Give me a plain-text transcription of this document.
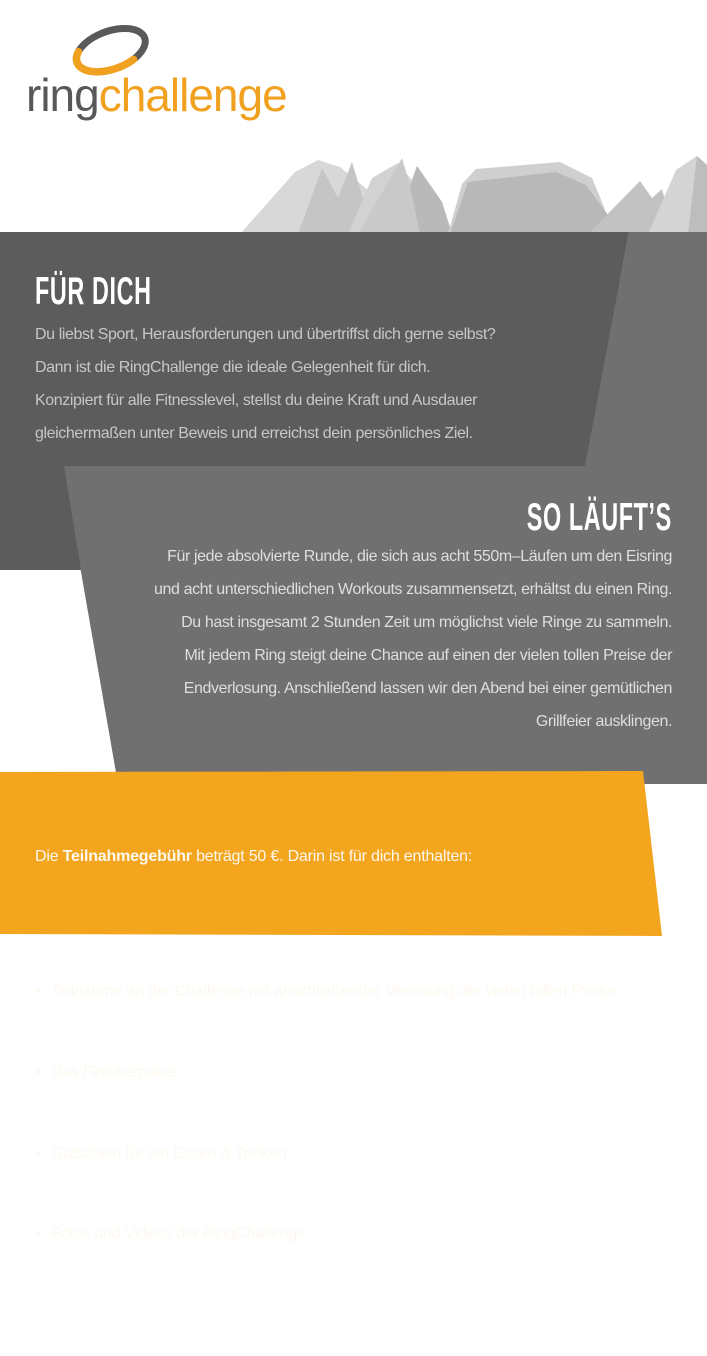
ringchallenge
FÜR DICH
Du liebst Sport, Herausforderungen und übertriffst dich gerne selbst?
Dann ist die RingChallenge die ideale Gelegenheit für dich.
Konzipiert für alle Fitnesslevel, stellst du deine Kraft und Ausdauer
gleichermaßen unter Beweis und erreichst dein persönliches Ziel.
SO LÄUFT’S
Für jede absolvierte Runde, die sich aus acht 550m–Läufen um den Eisring
und acht unterschiedlichen Workouts zusammensetzt, erhältst du einen Ring.
Du hast insgesamt 2 Stunden Zeit um möglichst viele Ringe zu sammeln.
Mit jedem Ring steigt deine Chance auf einen der vielen tollen Preise der
Endverlosung. Anschließend lassen wir den Abend bei einer gemütlichen
Grillfeier ausklingen.

Die Teilnahmegebühr beträgt 50 €. Darin ist für dich enthalten:

• Teilnahme an der Challenge mit anschließender Verlosung der vielen tollen Preise

• Das Finisherpaket

• Gutschein für ein Essen & Trinken

• Fotos und Videos der RingChallenge
